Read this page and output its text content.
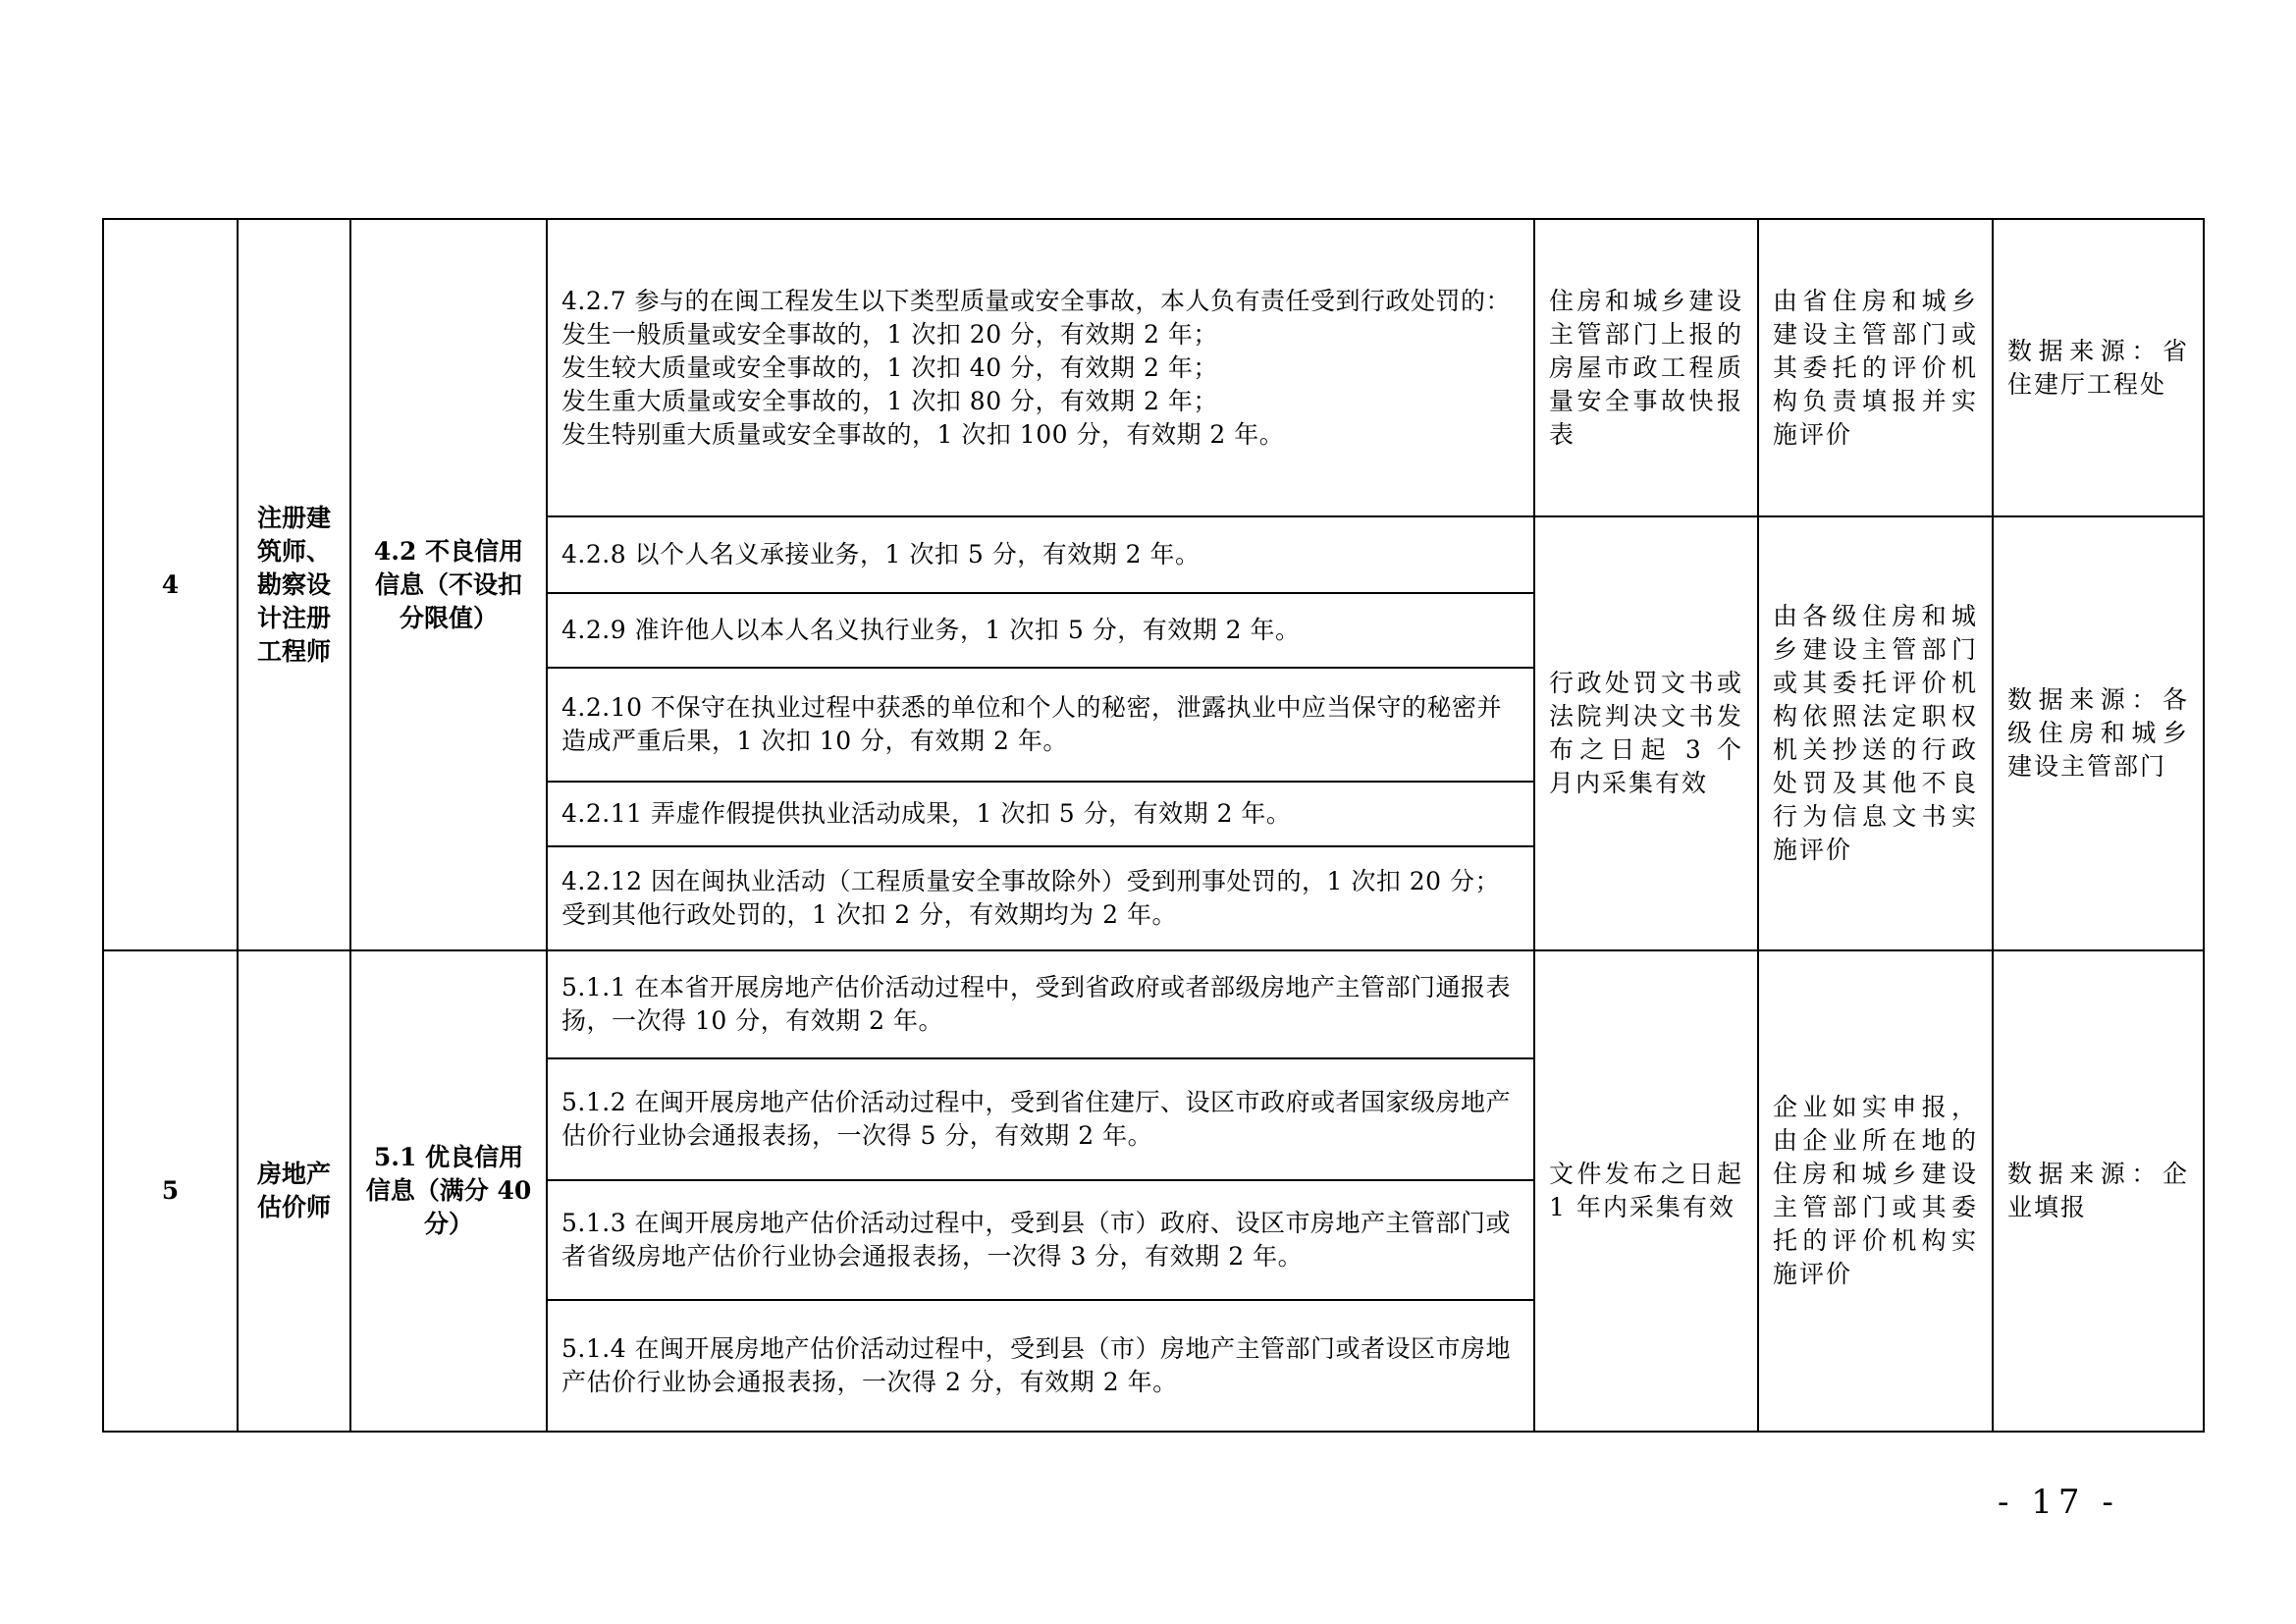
4	注册建筑师、勘察设计注册工程师	4.2 不良信用信息（不设扣分限值）	4.2.7 参与的在闽工程发生以下类型质量或安全事故，本人负有责任受到行政处罚的：
发生一般质量或安全事故的，1 次扣 20 分，有效期 2 年；
发生较大质量或安全事故的，1 次扣 40 分，有效期 2 年；
发生重大质量或安全事故的，1 次扣 80 分，有效期 2 年；
发生特别重大质量或安全事故的，1 次扣 100 分，有效期 2 年。	住房和城乡建设主管部门上报的房屋市政工程质量安全事故快报表	由省住房和城乡建设主管部门或其委托的评价机构负责填报并实施评价	数据来源：省住建厅工程处
			4.2.8 以个人名义承接业务，1 次扣 5 分，有效期 2 年。	行政处罚文书或法院判决文书发布之日起 3 个月内采集有效	由各级住房和城乡建设主管部门或其委托评价机构依照法定职权机关抄送的行政处罚及其他不良行为信息文书实施评价	数据来源：各级住房和城乡建设主管部门
			4.2.9 准许他人以本人名义执行业务，1 次扣 5 分，有效期 2 年。			
			4.2.10 不保守在执业过程中获悉的单位和个人的秘密，泄露执业中应当保守的秘密并造成严重后果，1 次扣 10 分，有效期 2 年。			
			4.2.11 弄虚作假提供执业活动成果，1 次扣 5 分，有效期 2 年。			
			4.2.12 因在闽执业活动（工程质量安全事故除外）受到刑事处罚的，1 次扣 20 分；受到其他行政处罚的，1 次扣 2 分，有效期均为 2 年。			
5	房地产估价师	5.1 优良信用信息（满分 40 分）	5.1.1 在本省开展房地产估价活动过程中，受到省政府或者部级房地产主管部门通报表扬，一次得 10 分，有效期 2 年。	文件发布之日起 1 年内采集有效	企业如实申报，由企业所在地的住房和城乡建设主管部门或其委托的评价机构实施评价	数据来源：企业填报
			5.1.2 在闽开展房地产估价活动过程中，受到省住建厅、设区市政府或者国家级房地产估价行业协会通报表扬，一次得 5 分，有效期 2 年。			
			5.1.3 在闽开展房地产估价活动过程中，受到县（市）政府、设区市房地产主管部门或者省级房地产估价行业协会通报表扬，一次得 3 分，有效期 2 年。			
			5.1.4 在闽开展房地产估价活动过程中，受到县（市）房地产主管部门或者设区市房地产估价行业协会通报表扬，一次得 2 分，有效期 2 年。			
- 17 -
